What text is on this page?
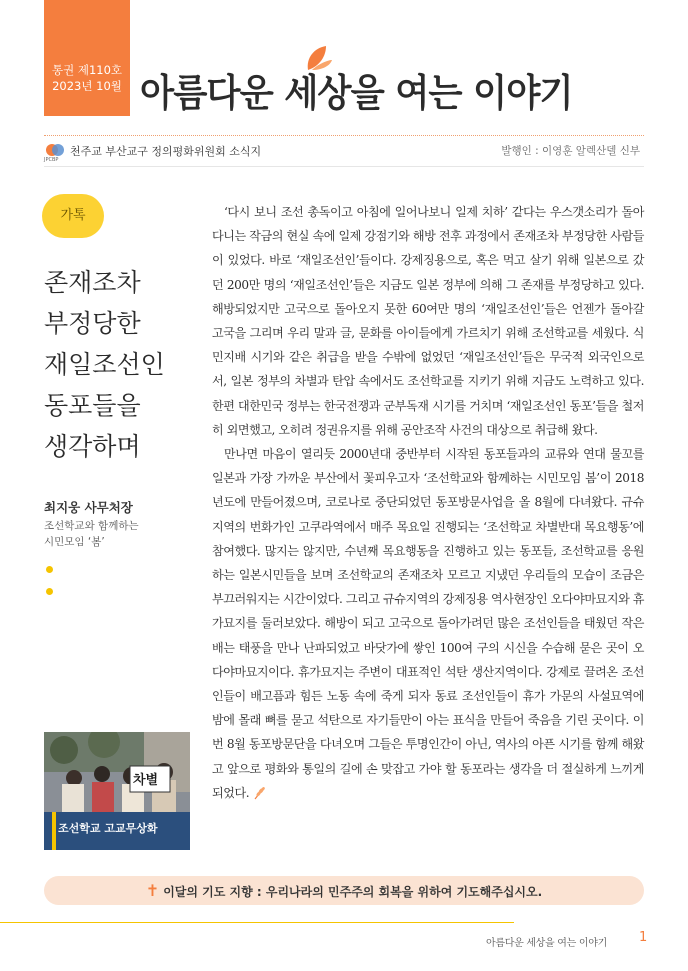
통권 제110호
2023년 10월 아름다운 세상을 여는 이야기
JPCBP
천주교 부산교구 정의평화위원회 소식지	발행인 : 이영훈 알렉산델 신부
가톡
존재조차
부정당한
재일조선인
동포들을
생각하며
최지웅 사무처장
조선학교와 함께하는
시민모임 ‘봄’
차별
조선학교 고교무상화

‘다시 보니 조선 총독이고 아침에 일어나보니 일제 치하’ 같다는 우스갯소리가 돌아다니는 작금의 현실 속에 일제 강점기와 해방 전후 과정에서 존재조차 부정당한 사람들이 있었다. 바로 ‘재일조선인’들이다. 강제징용으로, 혹은 먹고 살기 위해 일본으로 갔던 200만 명의 ‘재일조선인’들은 지금도 일본 정부에 의해 그 존재를 부정당하고 있다. 해방되었지만 고국으로 돌아오지 못한 60여만 명의 ‘재일조선인’들은 언젠가 돌아갈 고국을 그리며 우리 말과 글, 문화를 아이들에게 가르치기 위해 조선학교를 세웠다. 식민지배 시기와 같은 취급을 받을 수밖에 없었던 ‘재일조선인’들은 무국적 외국인으로서, 일본 정부의 차별과 탄압 속에서도 조선학교를 지키기 위해 지금도 노력하고 있다. 한편 대한민국 정부는 한국전쟁과 군부독재 시기를 거치며 ‘재일조선인 동포’들을 철저히 외면했고, 오히려 정권유지를 위해 공안조작 사건의 대상으로 취급해 왔다.

만나면 마음이 열리듯 2000년대 중반부터 시작된 동포들과의 교류와 연대 물꼬를 일본과 가장 가까운 부산에서 꽃피우고자 ‘조선학교와 함께하는 시민모임 봄’이 2018년도에 만들어졌으며, 코로나로 중단되었던 동포방문사업을 올 8월에 다녀왔다. 규슈지역의 번화가인 고쿠라역에서 매주 목요일 진행되는 ‘조선학교 차별반대 목요행동’에 참여했다. 많지는 않지만, 수년째 목요행동을 진행하고 있는 동포들, 조선학교를 응원하는 일본시민들을 보며 조선학교의 존재조차 모르고 지냈던 우리들의 모습이 조금은 부끄러워지는 시간이었다. 그리고 규슈지역의 강제징용 역사현장인 오다야마묘지와 휴가묘지를 둘러보았다. 해방이 되고 고국으로 돌아가려던 많은 조선인들을 태웠던 작은 배는 태풍을 만나 난파되었고 바닷가에 쌓인 100여 구의 시신을 수습해 묻은 곳이 오다야마묘지이다. 휴가묘지는 주변이 대표적인 석탄 생산지역이다. 강제로 끌려온 조선인들이 배고픔과 힘든 노동 속에 죽게 되자 동료 조선인들이 휴가 가문의 사설묘역에 밤에 몰래 뼈를 묻고 석탄으로 자기들만이 아는 표식을 만들어 죽음을 기린 곳이다. 이번 8월 동포방문단을 다녀오며 그들은 투명인간이 아닌, 역사의 아픈 시기를 함께 해왔고 앞으로 평화와 통일의 길에 손 맞잡고 가야 할 동포라는 생각을 더 절실하게 느끼게 되었다.

✝ 이달의 기도 지향 : 우리나라의 민주주의 회복을 위하여 기도해주십시오.
아름다운 세상을 여는 이야기 1
